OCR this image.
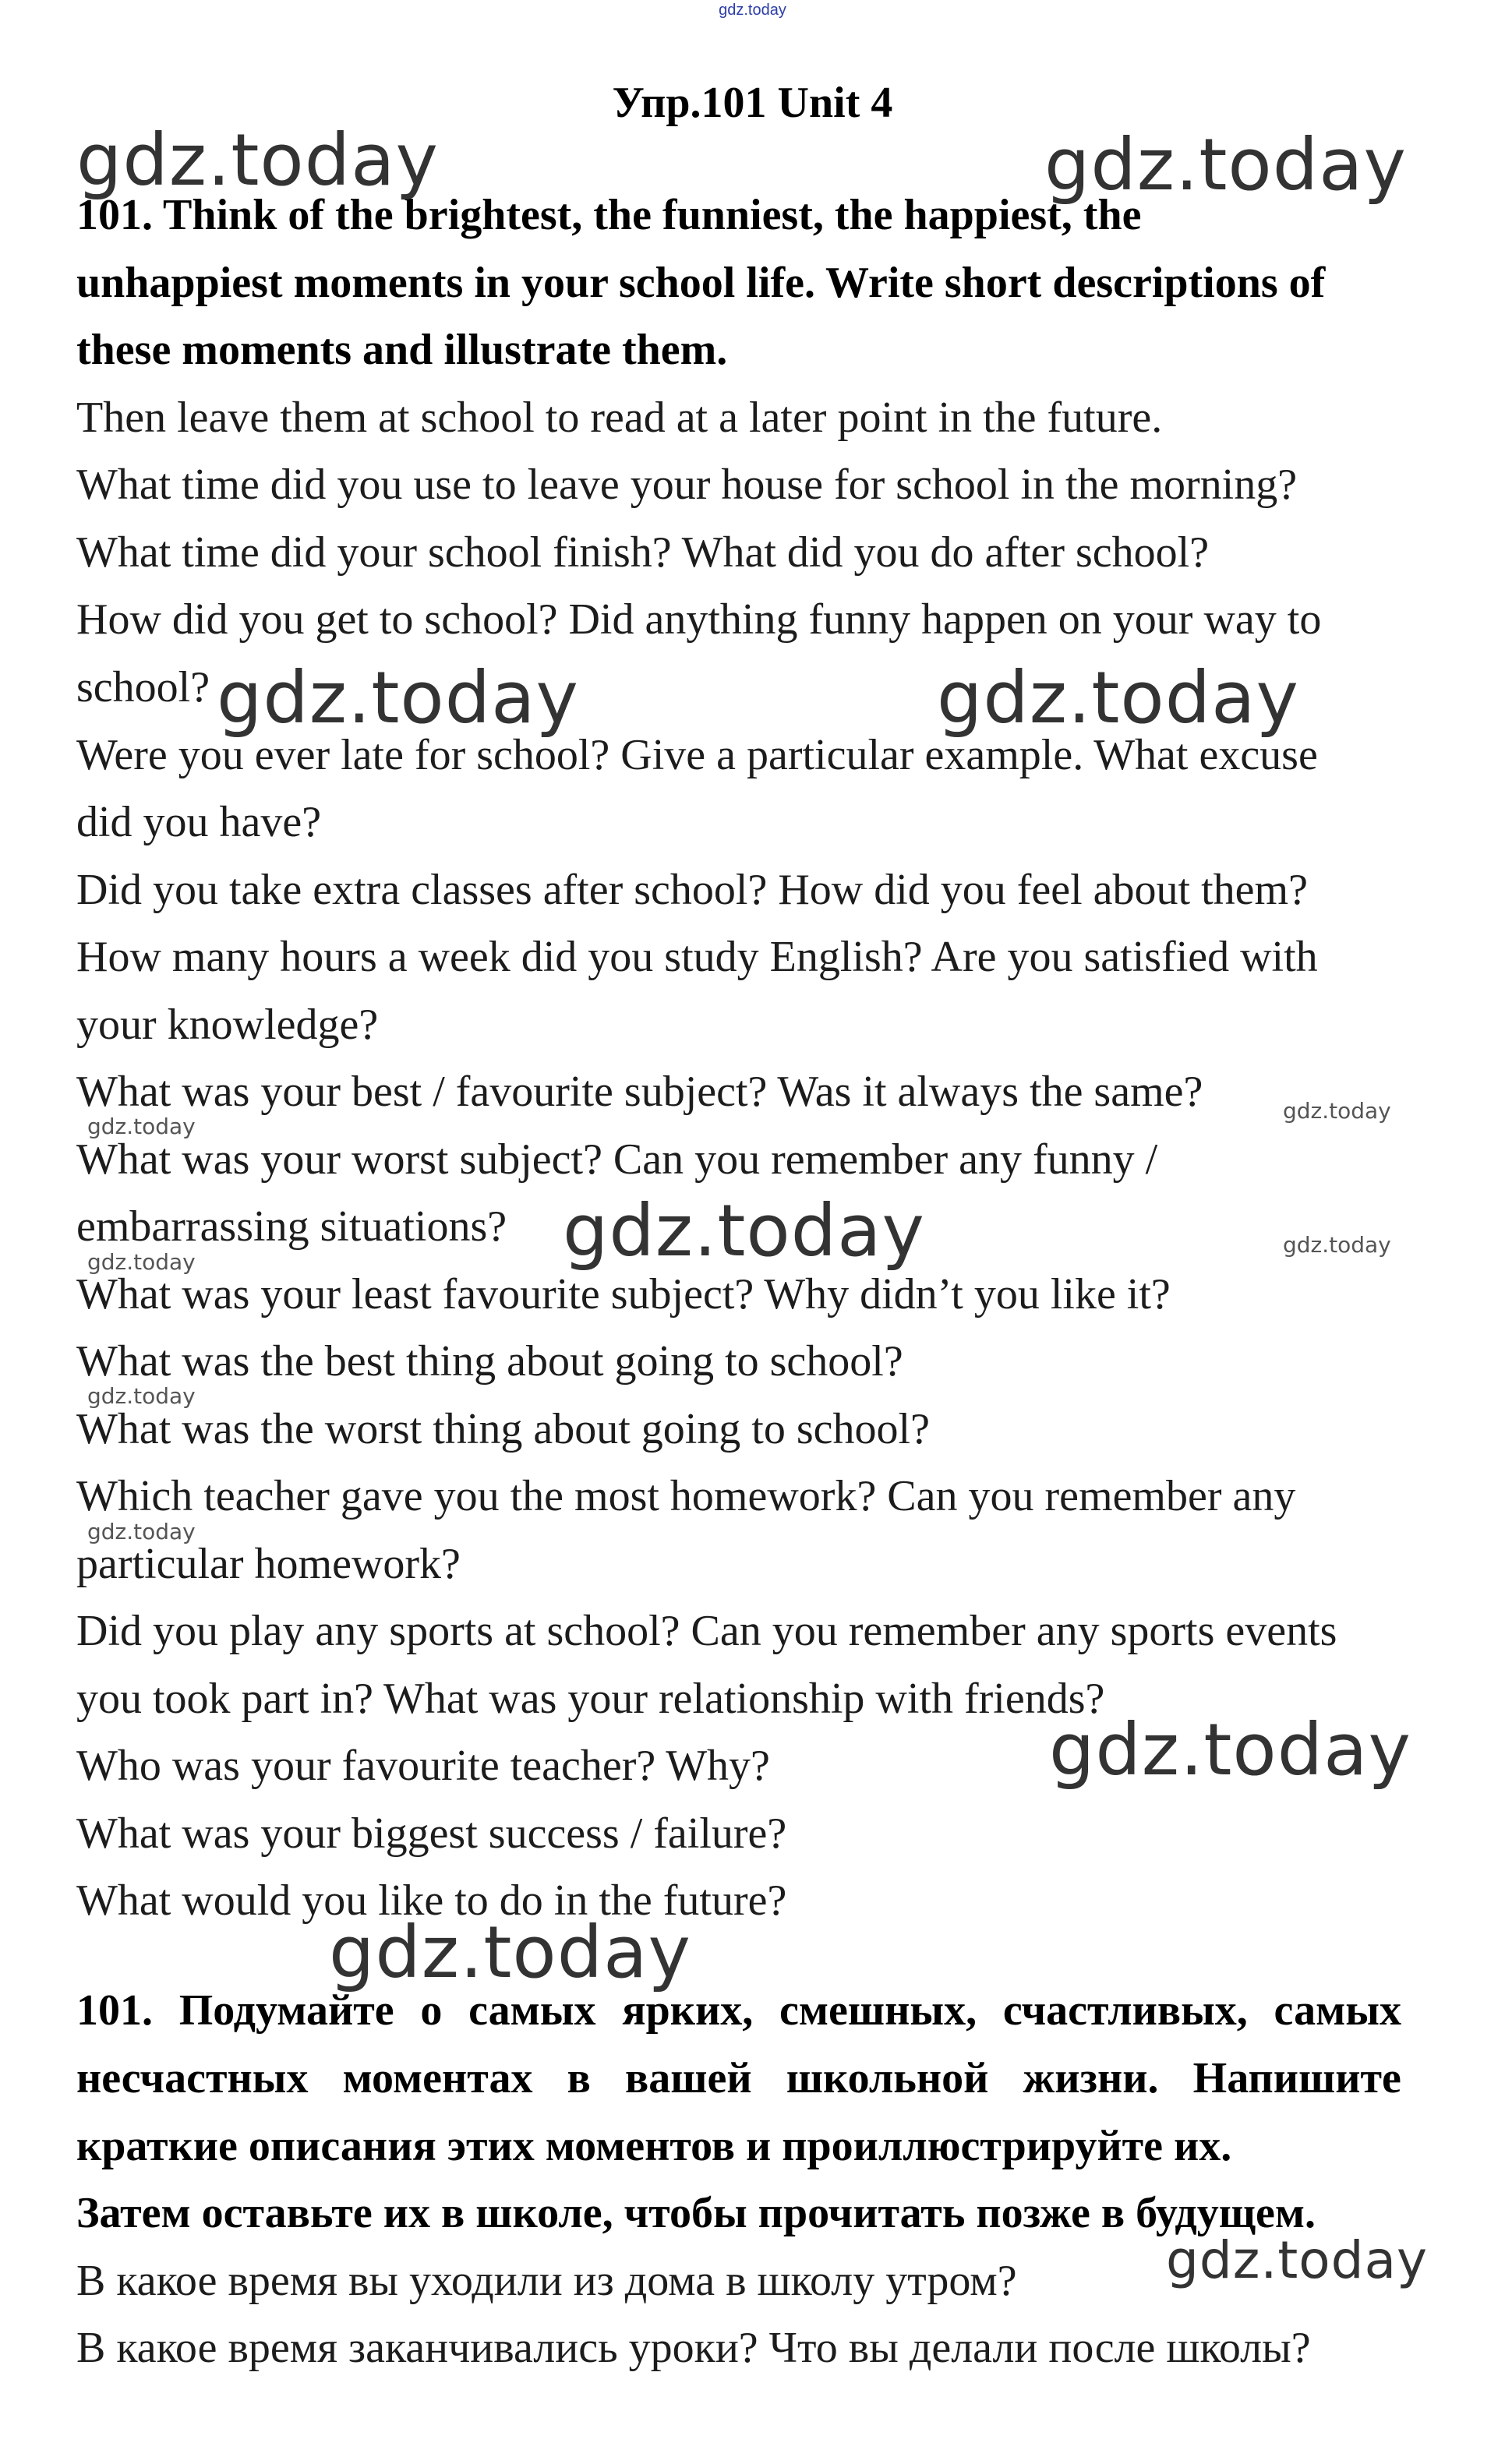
gdz.today
Упр.101 Unit 4
101. Think of the brightest, the funniest, the happiest, the
unhappiest moments in your school life. Write short descriptions of
these moments and illustrate them.
Then leave them at school to read at a later point in the future.
What time did you use to leave your house for school in the morning?
What time did your school finish? What did you do after school?
How did you get to school? Did anything funny happen on your way to
school?
Were you ever late for school? Give a particular example. What excuse
did you have?
Did you take extra classes after school? How did you feel about them?
How many hours a week did you study English? Are you satisfied with
your knowledge?
What was your best / favourite subject? Was it always the same?
What was your worst subject? Can you remember any funny /
embarrassing situations?
What was your least favourite subject? Why didn’t you like it?
What was the best thing about going to school?
What was the worst thing about going to school?
Which teacher gave you the most homework? Can you remember any
particular homework?
Did you play any sports at school? Can you remember any sports events
you took part in? What was your relationship with friends?
Who was your favourite teacher? Why?
What was your biggest success / failure?
What would you like to do in the future?
101. Подумайте о самых ярких, смешных, счастливых, самых
несчастных моментах в вашей школьной жизни. Напишите
краткие описания этих моментов и проиллюстрируйте их.
Затем оставьте их в школе, чтобы прочитать позже в будущем.
В какое время вы уходили из дома в школу утром?
В какое время заканчивались уроки? Что вы делали после школы?
gdz.today	gdz.today
gdz.today	gdz.today
gdz.today
gdz.today
gdz.today
gdz.today
gdz.today
gdz.today
gdz.today
gdz.today
gdz.today
gdz.today
